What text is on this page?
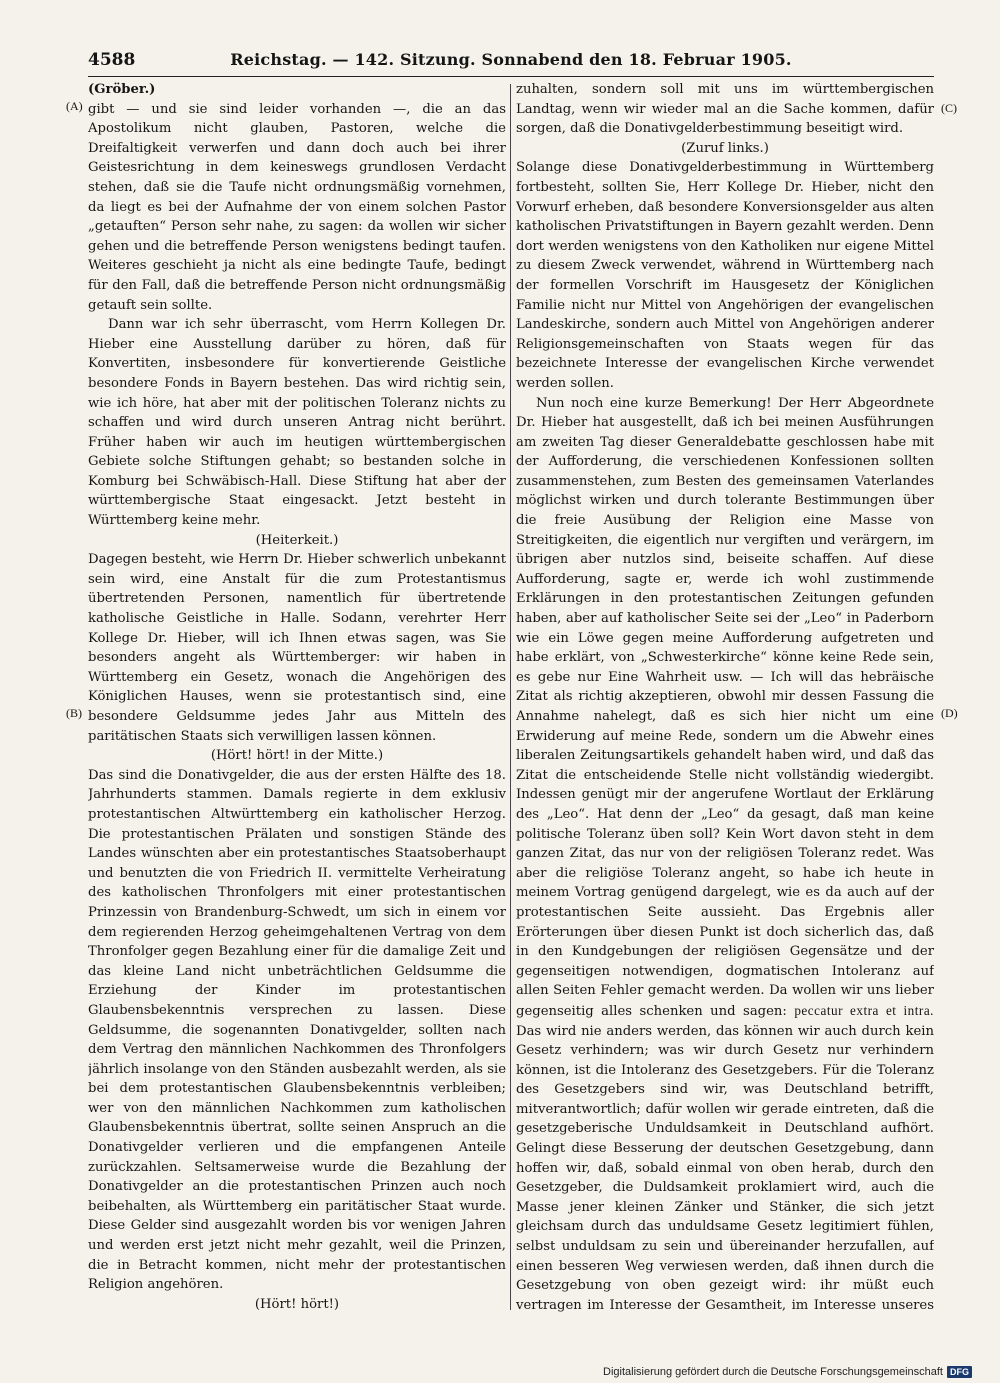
4588	Reichstag. — 142. Sitzung. Sonnabend den 18. Februar 1905.
(A)
(B)
(C)
(D)

(Gröber.)

gibt — und sie sind leider vorhanden —, die an das Apostolikum nicht glauben, Pastoren, welche die Dreifaltigkeit verwerfen und dann doch auch bei ihrer Geistesrichtung in dem keineswegs grundlosen Verdacht stehen, daß sie die Taufe nicht ordnungsmäßig vornehmen, da liegt es bei der Aufnahme der von einem solchen Pastor „getauften“ Person sehr nahe, zu sagen: da wollen wir sicher gehen und die betreffende Person wenigstens bedingt taufen. Weiteres geschieht ja nicht als eine bedingte Taufe, bedingt für den Fall, daß die betreffende Person nicht ordnungsmäßig getauft sein sollte.

Dann war ich sehr überrascht, vom Herrn Kollegen Dr. Hieber eine Ausstellung darüber zu hören, daß für Konvertiten, insbesondere für konvertierende Geistliche besondere Fonds in Bayern bestehen. Das wird richtig sein, wie ich höre, hat aber mit der politischen Toleranz nichts zu schaffen und wird durch unseren Antrag nicht berührt. Früher haben wir auch im heutigen württembergischen Gebiete solche Stiftungen gehabt; so bestanden solche in Komburg bei Schwäbisch-Hall. Diese Stiftung hat aber der württembergische Staat eingesackt. Jetzt besteht in Württemberg keine mehr.

(Heiterkeit.)

Dagegen besteht, wie Herrn Dr. Hieber schwerlich unbekannt sein wird, eine Anstalt für die zum Protestantismus übertretenden Personen, namentlich für übertretende katholische Geistliche in Halle. Sodann, verehrter Herr Kollege Dr. Hieber, will ich Ihnen etwas sagen, was Sie besonders angeht als Württemberger: wir haben in Württemberg ein Gesetz, wonach die Angehörigen des Königlichen Hauses, wenn sie protestantisch sind, eine besondere Geldsumme jedes Jahr aus Mitteln des paritätischen Staats sich verwilligen lassen können.

(Hört! hört! in der Mitte.)

Das sind die Donativgelder, die aus der ersten Hälfte des 18. Jahrhunderts stammen. Damals regierte in dem exklusiv protestantischen Altwürttemberg ein katholischer Herzog. Die protestantischen Prälaten und sonstigen Stände des Landes wünschten aber ein protestantisches Staatsoberhaupt und benutzten die von Friedrich II. vermittelte Verheiratung des katholischen Thronfolgers mit einer protestantischen Prinzessin von Brandenburg-Schwedt, um sich in einem vor dem regierenden Herzog geheimgehaltenen Vertrag von dem Thronfolger gegen Bezahlung einer für die damalige Zeit und das kleine Land nicht unbeträchtlichen Geldsumme die Erziehung der Kinder im protestantischen Glaubensbekenntnis versprechen zu lassen. Diese Geldsumme, die sogenannten Donativgelder, sollten nach dem Vertrag den männlichen Nachkommen des Thronfolgers jährlich insolange von den Ständen ausbezahlt werden, als sie bei dem protestantischen Glaubensbekenntnis verbleiben; wer von den männlichen Nachkommen zum katholischen Glaubensbekenntnis übertrat, sollte seinen Anspruch an die Donativgelder verlieren und die empfangenen Anteile zurückzahlen. Seltsamerweise wurde die Bezahlung der Donativgelder an die protestantischen Prinzen auch noch beibehalten, als Württemberg ein paritätischer Staat wurde. Diese Gelder sind ausgezahlt worden bis vor wenigen Jahren und werden erst jetzt nicht mehr gezahlt, weil die Prinzen, die in Betracht kommen, nicht mehr der protestantischen Religion angehören.

(Hört! hört!)

zuhalten, sondern soll mit uns im württembergischen Landtag, wenn wir wieder mal an die Sache kommen, dafür sorgen, daß die Donativgelderbestimmung beseitigt wird.

(Zuruf links.)

Solange diese Donativgelderbestimmung in Württemberg fortbesteht, sollten Sie, Herr Kollege Dr. Hieber, nicht den Vorwurf erheben, daß besondere Konversionsgelder aus alten katholischen Privatstiftungen in Bayern gezahlt werden. Denn dort werden wenigstens von den Katholiken nur eigene Mittel zu diesem Zweck verwendet, während in Württemberg nach der formellen Vorschrift im Hausgesetz der Königlichen Familie nicht nur Mittel von Angehörigen der evangelischen Landeskirche, sondern auch Mittel von Angehörigen anderer Religionsgemeinschaften von Staats wegen für das bezeichnete Interesse der evangelischen Kirche verwendet werden sollen.

Nun noch eine kurze Bemerkung! Der Herr Abgeordnete Dr. Hieber hat ausgestellt, daß ich bei meinen Ausführungen am zweiten Tag dieser Generaldebatte geschlossen habe mit der Aufforderung, die verschiedenen Konfessionen sollten zusammenstehen, zum Besten des gemeinsamen Vaterlandes möglichst wirken und durch tolerante Bestimmungen über die freie Ausübung der Religion eine Masse von Streitigkeiten, die eigentlich nur vergiften und verärgern, im übrigen aber nutzlos sind, beiseite schaffen. Auf diese Aufforderung, sagte er, werde ich wohl zustimmende Erklärungen in den protestantischen Zeitungen gefunden haben, aber auf katholischer Seite sei der „Leo“ in Paderborn wie ein Löwe gegen meine Aufforderung aufgetreten und habe erklärt, von „Schwesterkirche“ könne keine Rede sein, es gebe nur Eine Wahrheit usw. — Ich will das hebräische Zitat als richtig akzeptieren, obwohl mir dessen Fassung die Annahme nahelegt, daß es sich hier nicht um eine Erwiderung auf meine Rede, sondern um die Abwehr eines liberalen Zeitungsartikels gehandelt haben wird, und daß das Zitat die entscheidende Stelle nicht vollständig wiedergibt. Indessen genügt mir der angerufene Wortlaut der Erklärung des „Leo“. Hat denn der „Leo“ da gesagt, daß man keine politische Toleranz üben soll? Kein Wort davon steht in dem ganzen Zitat, das nur von der religiösen Toleranz redet. Was aber die religiöse Toleranz angeht, so habe ich heute in meinem Vortrag genügend dargelegt, wie es da auch auf der protestantischen Seite aussieht. Das Ergebnis aller Erörterungen über diesen Punkt ist doch sicherlich das, daß in den Kundgebungen der religiösen Gegensätze und der gegenseitigen notwendigen, dogmatischen Intoleranz auf allen Seiten Fehler gemacht werden. Da wollen wir uns lieber gegenseitig alles schenken und sagen: peccatur extra et intra. Das wird nie anders werden, das können wir auch durch kein Gesetz verhindern; was wir durch Gesetz nur verhindern können, ist die Intoleranz des Gesetzgebers. Für die Toleranz des Gesetzgebers sind wir, was Deutschland betrifft, mitverantwortlich; dafür wollen wir gerade eintreten, daß die gesetzgeberische Unduldsamkeit in Deutschland aufhört. Gelingt diese Besserung der deutschen Gesetzgebung, dann hoffen wir, daß, sobald einmal von oben herab, durch den Gesetzgeber, die Duldsamkeit proklamiert wird, auch die Masse jener kleinen Zänker und Stänker, die sich jetzt gleichsam durch das unduldsame Gesetz legitimiert fühlen, selbst unduldsam zu sein und übereinander herzufallen, auf einen besseren Weg verwiesen werden, daß ihnen durch die Gesetzgebung von oben gezeigt wird: ihr müßt euch vertragen im Interesse der Gesamtheit, im Interesse unseres

Digitalisierung gefördert durch die Deutsche Forschungsgemeinschaft DFG
